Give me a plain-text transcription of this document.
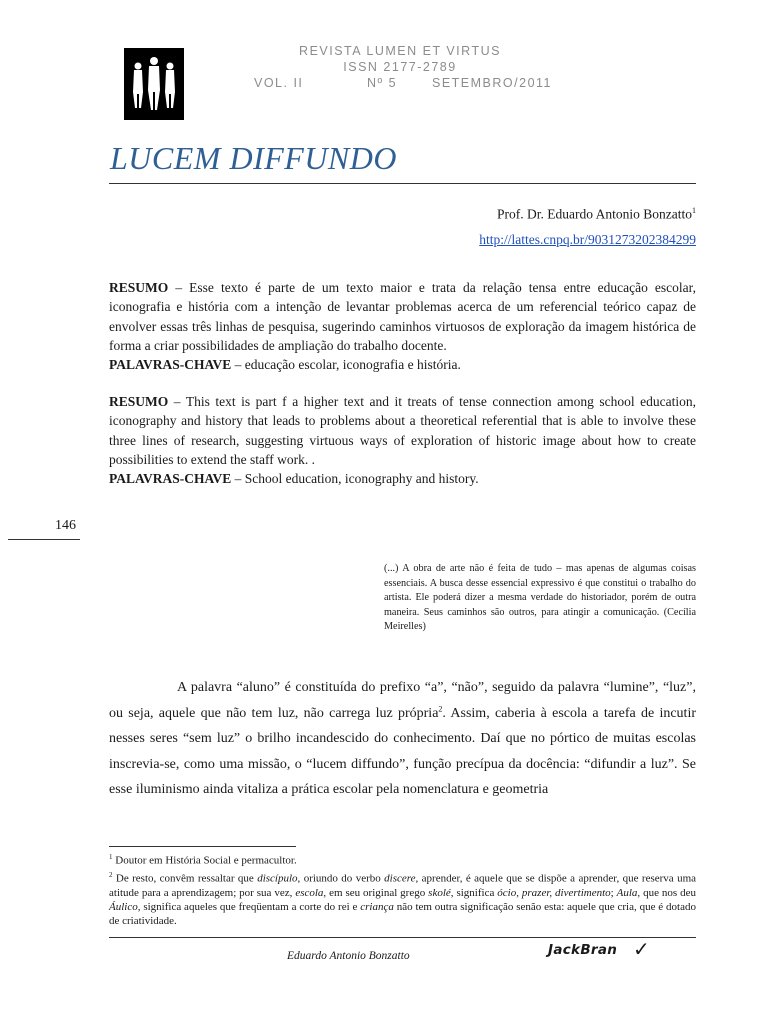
REVISTA LUMEN ET VIRTUS
ISSN 2177-2789
VOL. II	Nº 5	SETEMBRO/2011
LUCEM DIFFUNDO
Prof. Dr. Eduardo Antonio Bonzatto$^1$
http://lattes.cnpq.br/9031273202384299
RESUMO – Esse texto é parte de um texto maior e trata da relação tensa entre educação escolar, iconografia e história com a intenção de levantar problemas acerca de um referencial teórico capaz de envolver essas três linhas de pesquisa, sugerindo caminhos virtuosos de exploração da imagem histórica de forma a criar possibilidades de ampliação do trabalho docente.
PALAVRAS-CHAVE – educação escolar, iconografia e história.
RESUMO – This text is part f a higher text and it treats of tense connection among school education, iconography and history that leads to problems about a theoretical referential that is able to involve these three lines of research, suggesting virtuous ways of exploration of historic image about how to create possibilities to extend the staff work. .
PALAVRAS-CHAVE – School education, iconography and history.
146
(...) A obra de arte não é feita de tudo – mas apenas de algumas coisas essenciais. A busca desse essencial expressivo é que constitui o trabalho do artista. Ele poderá dizer a mesma verdade do historiador, porém de outra maneira. Seus caminhos são outros, para atingir a comunicação. (Cecília Meirelles)
A palavra “aluno” é constituída do prefixo “a”, “não”, seguido da palavra “lumine”, “luz”, ou seja, aquele que não tem luz, não carrega luz própria$^2$. Assim, caberia à escola a tarefa de incutir nesses seres “sem luz” o brilho incandescido do conhecimento. Daí que no pórtico de muitas escolas inscrevia-se, como uma missão, o “lucem diffundo”, função precípua da docência: “difundir a luz”. Se esse iluminismo ainda vitaliza a prática escolar pela nomenclatura e geometria
$^1$ Doutor em História Social e permacultor.
$^2$ De resto, convêm ressaltar que discípulo, oriundo do verbo discere, aprender, é aquele que se dispõe a aprender, que reserva uma atitude para a aprendizagem; por sua vez, escola, em seu original grego skolé, significa ócio, prazer, divertimento; Aula, que nos deu Áulico, significa aqueles que freqüentam a corte do rei e criança não tem outra significação senão esta: aquele que cria, que é dotado de criatividade.
Eduardo Antonio Bonzatto	JackBran ✓
